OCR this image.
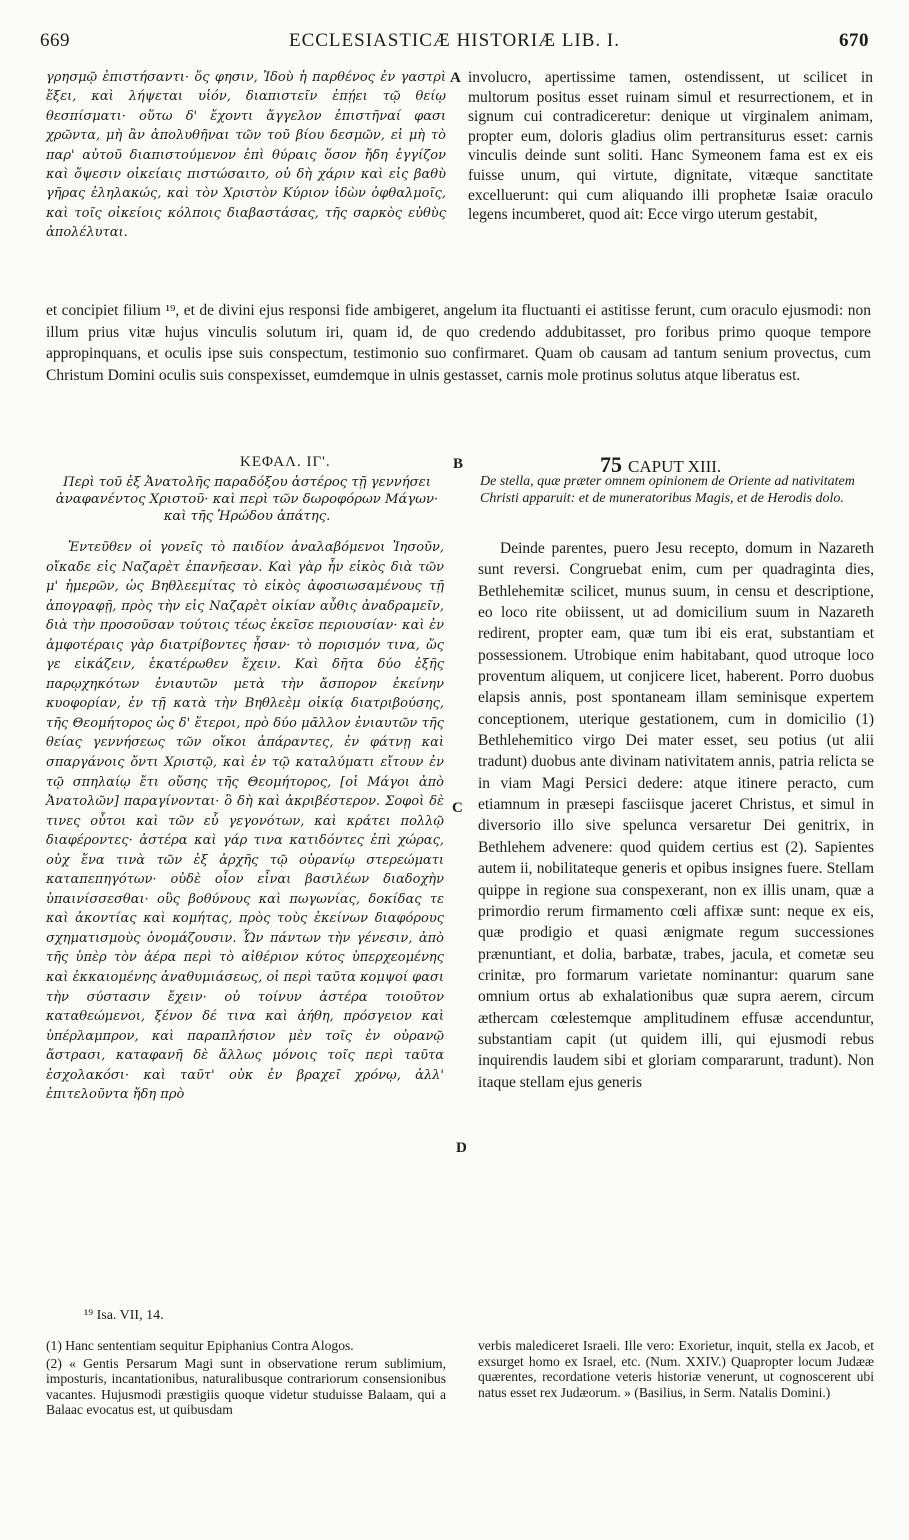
669	ECCLESIASTICÆ HISTORIÆ LIB. I.	670

γρησμῷ ἐπιστήσαντι· ὅς φησιν, Ἰδοὺ ἡ παρθένος ἐν γαστρὶ ἕξει, καὶ λήψεται υἱόν, διαπιστεῖν ἐπῄει τῷ θείῳ θεσπίσματι· οὕτω δ' ἔχοντι ἄγγελον ἐπιστῆναί φασι χρῶντα, μὴ ἂν ἀπολυθῆναι τῶν τοῦ βίου δεσμῶν, εἰ μὴ τὸ παρ' αὐτοῦ διαπιστούμενον ἐπὶ θύραις ὅσον ἤδη ἐγγίζον καὶ ὄψεσιν οἰκείαις πιστώσαιτο, οὐ δὴ χάριν καὶ εἰς βαθὺ γῆρας ἐληλακώς, καὶ τὸν Χριστὸν Κύριον ἰδὼν ὀφθαλμοῖς, καὶ τοῖς οἰκείοις κόλποις διαβαστάσας, τῆς σαρκὸς εὐθὺς ἀπολέλυται.

A involucro, apertissime tamen, ostendissent, ut scilicet in multorum positus esset ruinam simul et resurrectionem, et in signum cui contradiceretur: denique ut virginalem animam, propter eum, doloris gladius olim pertransiturus esset: carnis vinculis deinde sunt soliti. Hanc Symeonem fama est ex eis fuisse unum, qui virtute, dignitate, vitæque sanctitate excelluerunt: qui cum aliquando illi prophetæ Isaiæ oraculo legens incumberet, quod ait: Ecce virgo uterum gestabit,

et concipiet filium ¹⁹, et de divini ejus responsi fide ambigeret, angelum ita fluctuanti ei astitisse ferunt, cum oraculo ejusmodi: non illum prius vitæ hujus vinculis solutum iri, quam id, de quo credendo addubitasset, pro foribus primo quoque tempore appropinquans, et oculis ipse suis conspectum, testimonio suo confirmaret. Quam ob causam ad tantum senium provectus, cum Christum Domini oculis suis conspexisset, eumdemque in ulnis gestasset, carnis mole protinus solutus atque liberatus est.

ΚΕΦΑΛ. ΙΓ'.	B	75 CAPUT XIII.
Περὶ τοῦ ἐξ Ἀνατολῆς παραδόξου ἀστέρος τῇ γεννήσει ἀναφανέντος Χριστοῦ· καὶ περὶ τῶν δωροφόρων Μάγων· καὶ τῆς Ἡρώδου ἀπάτης.
De stella, quæ præter omnem opinionem de Oriente ad nativitatem Christi apparuit: et de muneratoribus Magis, et de Herodis dolo.

Ἐντεῦθεν οἱ γονεῖς τὸ παιδίον ἀναλαβόμενοι Ἰησοῦν, οἴκαδε εἰς Ναζαρὲτ ἐπανῆεσαν. Καὶ γὰρ ἦν εἰκὸς διὰ τῶν μ' ἡμερῶν, ὡς Βηθλεεμίτας τὸ εἰκὸς ἀφοσιωσαμένους τῇ ἀπογραφῇ, πρὸς τὴν εἰς Ναζαρὲτ οἰκίαν αὖθις ἀναδραμεῖν, διὰ τὴν προσοῦσαν τούτοις τέως ἐκεῖσε περιουσίαν· καὶ ἐν ἀμφοτέραις γὰρ διατρίβοντες ἦσαν· τὸ πορισμόν τινα, ὥς γε εἰκάζειν, ἑκατέρωθεν ἔχειν. Καὶ δῆτα δύο ἐξῆς παρῳχηκότων ἐνιαυτῶν μετὰ τὴν ἄσπορον ἐκείνην κυοφορίαν, ἐν τῇ κατὰ τὴν Βηθλεὲμ οἰκίᾳ διατριβούσης, τῆς Θεομήτορος ὡς δ' ἕτεροι, πρὸ δύο μᾶλλον ἐνιαυτῶν τῆς θείας γεννήσεως τῶν οἴκοι ἀπάραντες, ἐν φάτνῃ καὶ σπαργάνοις ὄντι Χριστῷ, καὶ ἐν τῷ καταλύματι εἴτουν ἐν τῷ σπηλαίῳ ἔτι οὔσης τῆς Θεομήτορος, [οἱ Μάγοι ἀπὸ Ἀνατολῶν] παραγίνονται· ὃ δὴ καὶ ἀκριβέστερον. Σοφοὶ δὲ τινες οὗτοι καὶ τῶν εὖ γεγονότων, καὶ κράτει πολλῷ διαφέροντες· ἀστέρα καὶ γάρ τινα κατιδόντες ἐπὶ χώρας, οὐχ ἕνα τινὰ τῶν ἐξ ἀρχῆς τῷ οὐρανίῳ στερεώματι καταπεπηγότων· οὐδὲ οἷον εἶναι βασιλέων διαδοχὴν ὑπαινίσσεσθαι· οὓς βοθύνους καὶ πωγωνίας, δοκίδας τε καὶ ἀκοντίας καὶ κομήτας, πρὸς τοὺς ἐκείνων διαφόρους σχηματισμοὺς ὀνομάζουσιν. Ὧν πάντων τὴν γένεσιν, ἀπὸ τῆς ὑπὲρ τὸν ἀέρα περὶ τὸ αἰθέριον κύτος ὑπερχεομένης καὶ ἐκκαιομένης ἀναθυμιάσεως, οἱ περὶ ταῦτα κομψοί φασι τὴν σύστασιν ἔχειν· οὐ τοίνυν ἀστέρα τοιοῦτον καταθεώμενοι, ξένον δέ τινα καὶ ἀήθη, πρόσγειον καὶ ὑπέρλαμπρον, καὶ παραπλήσιον μὲν τοῖς ἐν οὐρανῷ ἄστρασι, καταφανῆ δὲ ἄλλως μόνοις τοῖς περὶ ταῦτα ἐσχολακόσι· καὶ ταῦτ' οὐκ ἐν βραχεῖ χρόνῳ, ἀλλ' ἐπιτελοῦντα ἤδη πρὸ

C
D

Deinde parentes, puero Jesu recepto, domum in Nazareth sunt reversi. Congruebat enim, cum per quadraginta dies, Bethlehemitæ scilicet, munus suum, in censu et descriptione, eo loco rite obiissent, ut ad domicilium suum in Nazareth redirent, propter eam, quæ tum ibi eis erat, substantiam et possessionem. Utrobique enim habitabant, quod utroque loco proventum aliquem, ut conjicere licet, haberent. Porro duobus elapsis annis, post spontaneam illam seminisque expertem conceptionem, uterique gestationem, cum in domicilio (1) Bethlehemitico virgo Dei mater esset, seu potius (ut alii tradunt) duobus ante divinam nativitatem annis, patria relicta se in viam Magi Persici dedere: atque itinere peracto, cum etiamnum in præsepi fasciisque jaceret Christus, et simul in diversorio illo sive spelunca versaretur Dei genitrix, in Bethlehem advenere: quod quidem certius est (2). Sapientes autem ii, nobilitateque generis et opibus insignes fuere. Stellam quippe in regione sua conspexerant, non ex illis unam, quæ a primordio rerum firmamento cœli affixæ sunt: neque ex eis, quæ prodigio et quasi ænigmate regum successiones prænuntiant, et dolia, barbatæ, trabes, jacula, et cometæ seu crinitæ, pro formarum varietate nominantur: quarum sane omnium ortus ab exhalationibus quæ supra aerem, circum æthercam cœlestemque amplitudinem effusæ accenduntur, substantiam capit (ut quidem illi, qui ejusmodi rebus inquirendis laudem sibi et gloriam compararunt, tradunt). Non itaque stellam ejus generis

¹⁹ Isa. VII, 14.

(1) Hanc sententiam sequitur Epiphanius Contra Alogos.

(2) « Gentis Persarum Magi sunt in observatione rerum sublimium, imposturis, incantationibus, naturalibusque contrariorum consensionibus vacantes. Hujusmodi præstigiis quoque videtur studuisse Balaam, qui a Balaac evocatus est, ut quibusdam

verbis malediceret Israeli. Ille vero: Exorietur, inquit, stella ex Jacob, et exsurget homo ex Israel, etc. (Num. XXIV.) Quapropter locum Judææ quærentes, recordatione veteris historiæ venerunt, ut cognoscerent ubi natus esset rex Judæorum. » (Basilius, in Serm. Natalis Domini.)
